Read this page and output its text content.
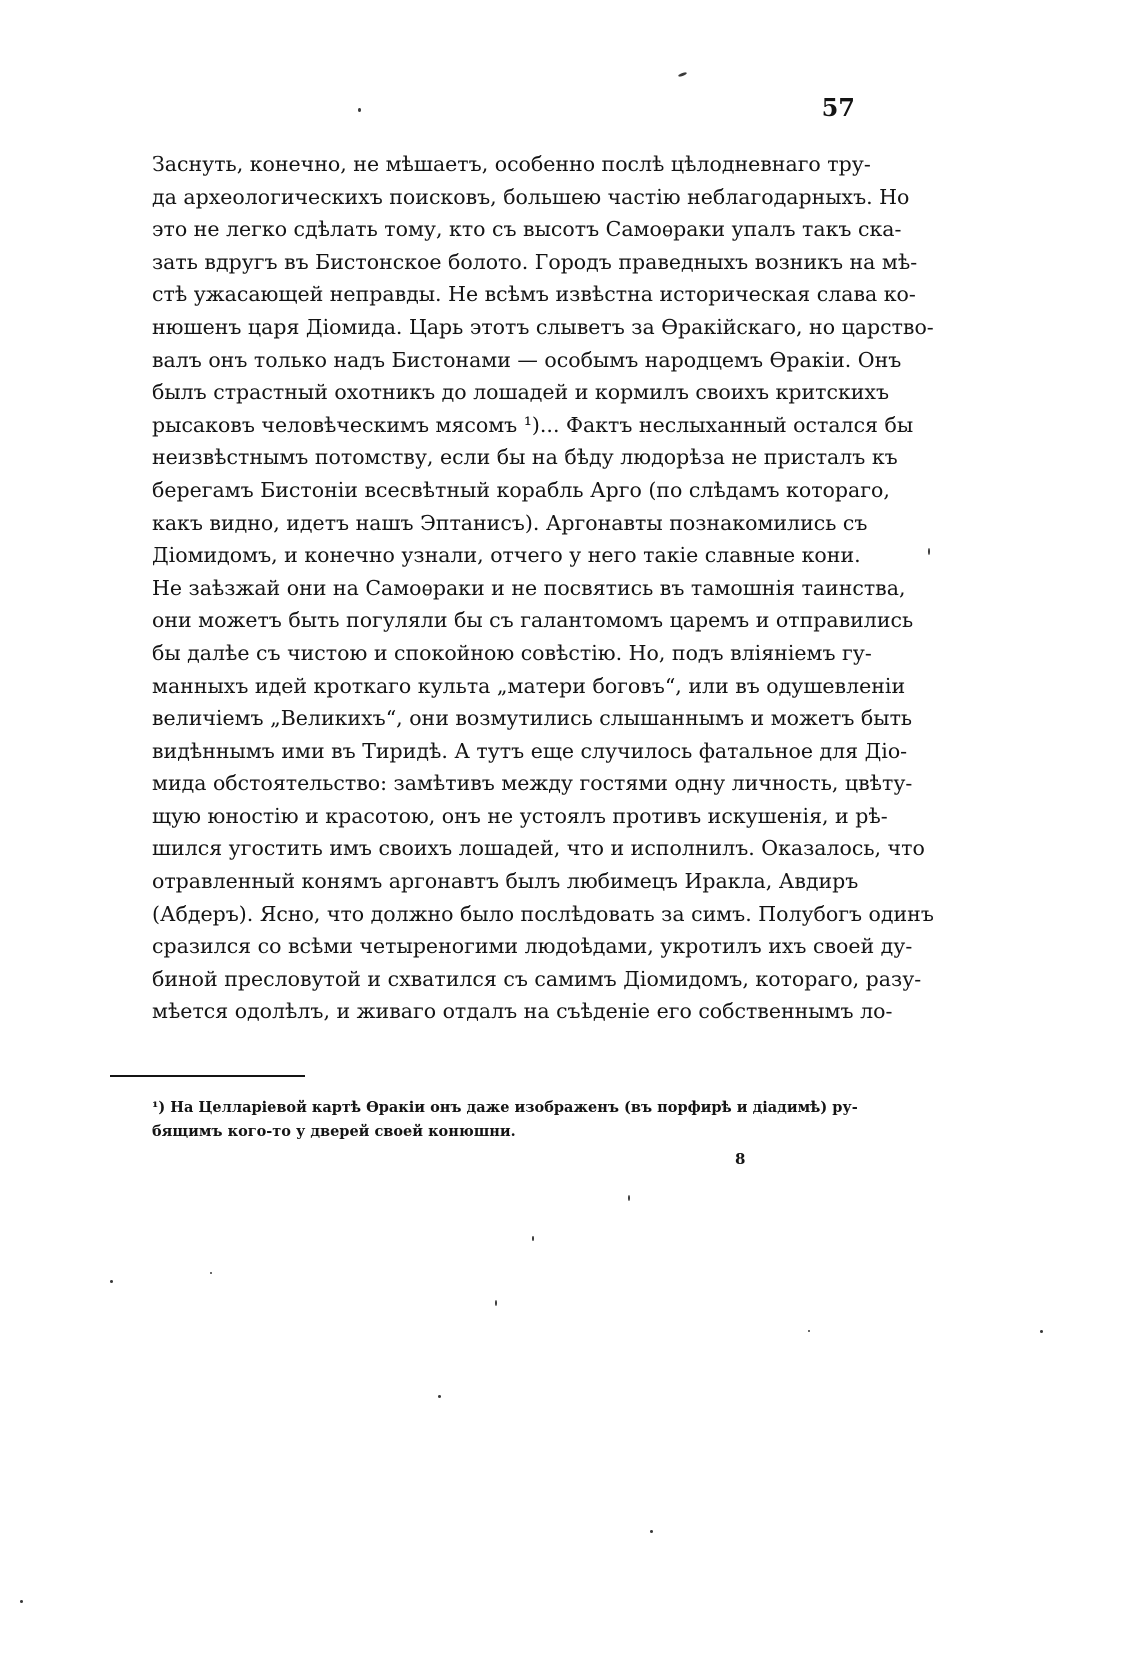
57
Заснуть, конечно, не мѣшаетъ, особенно послѣ цѣлодневнаго тру-
да археологическихъ поисковъ, большею частію неблагодарныхъ. Но
это не легко сдѣлать тому, кто съ высотъ Самоѳраки упалъ такъ ска-
зать вдругъ въ Бистонское болото. Городъ праведныхъ возникъ на мѣ-
стѣ ужасающей неправды. Не всѣмъ извѣстна историческая слава ко-
нюшенъ царя Діомида. Царь этотъ слыветъ за Ѳракійскаго, но царство-
валъ онъ только надъ Бистонами — особымъ народцемъ Ѳракіи. Онъ
былъ страстный охотникъ до лошадей и кормилъ своихъ критскихъ
рысаковъ человѣческимъ мясомъ ¹)... Фактъ неслыханный остался бы
неизвѣстнымъ потомству, если бы на бѣду людорѣза не присталъ къ
берегамъ Бистоніи всесвѣтный корабль Арго (по слѣдамъ котораго,
какъ видно, идетъ нашъ Эптанисъ). Аргонавты познакомились съ
Діомидомъ, и конечно узнали, отчего у него такіе славные кони.
Не заѣзжай они на Самоѳраки и не посвятись въ тамошнія таинства,
они можетъ быть погуляли бы съ галантомомъ царемъ и отправились
бы далѣе съ чистою и спокойною совѣстію. Но, подъ вліяніемъ гу-
манныхъ идей кроткаго культа „матери боговъ“, или въ одушевленіи
величіемъ „Великихъ“, они возмутились слышаннымъ и можетъ быть
видѣннымъ ими въ Тиридѣ. А тутъ еще случилось фатальное для Діо-
мида обстоятельство: замѣтивъ между гостями одну личность, цвѣту-
щую юностію и красотою, онъ не устоялъ противъ искушенія, и рѣ-
шился угостить имъ своихъ лошадей, что и исполнилъ. Оказалось, что
отравленный конямъ аргонавтъ былъ любимецъ Иракла, Авдиръ
(Абдеръ). Ясно, что должно было послѣдовать за симъ. Полубогъ одинъ
сразился со всѣми четырeногими людоѣдами, укротилъ ихъ своей ду-
биной пресловутой и схватился съ самимъ Діомидомъ, котораго, разу-
мѣется одолѣлъ, и живаго отдалъ на съѣденіе его собственнымъ ло-
¹) На Целларіевой картѣ Ѳракіи онъ даже изображенъ (въ порфирѣ и діадимѣ) ру-
бящимъ кого-то у дверей своей конюшни.
8
